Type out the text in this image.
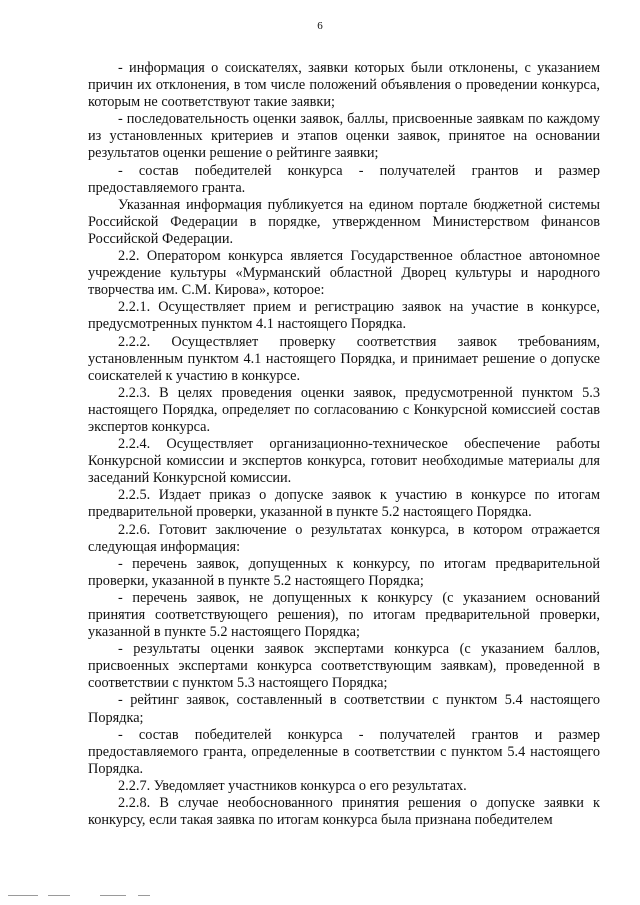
6

- информация о соискателях, заявки которых были отклонены, с указанием причин их отклонения, в том числе положений объявления о проведении конкурса, которым не соответствуют такие заявки;

- последовательность оценки заявок, баллы, присвоенные заявкам по каждому из установленных критериев и этапов оценки заявок, принятое на основании результатов оценки решение о рейтинге заявки;

- состав победителей конкурса - получателей грантов и размер предоставляемого гранта.

Указанная информация публикуется на едином портале бюджетной системы Российской Федерации в порядке, утвержденном Министерством финансов Российской Федерации.

2.2. Оператором конкурса является Государственное областное автономное учреждение культуры «Мурманский областной Дворец культуры и народного творчества им. С.М. Кирова», которое:

2.2.1. Осуществляет прием и регистрацию заявок на участие в конкурсе, предусмотренных пунктом 4.1 настоящего Порядка.

2.2.2. Осуществляет проверку соответствия заявок требованиям, установленным пунктом 4.1 настоящего Порядка, и принимает решение о допуске соискателей к участию в конкурсе.

2.2.3. В целях проведения оценки заявок, предусмотренной пунктом 5.3 настоящего Порядка, определяет по согласованию с Конкурсной комиссией состав экспертов конкурса.

2.2.4. Осуществляет организационно-техническое обеспечение работы Конкурсной комиссии и экспертов конкурса, готовит необходимые материалы для заседаний Конкурсной комиссии.

2.2.5. Издает приказ о допуске заявок к участию в конкурсе по итогам предварительной проверки, указанной в пункте 5.2 настоящего Порядка.

2.2.6. Готовит заключение о результатах конкурса, в котором отражается следующая информация:

- перечень заявок, допущенных к конкурсу, по итогам предварительной проверки, указанной в пункте 5.2 настоящего Порядка;

- перечень заявок, не допущенных к конкурсу (с указанием оснований принятия соответствующего решения), по итогам предварительной проверки, указанной в пункте 5.2 настоящего Порядка;

- результаты оценки заявок экспертами конкурса (с указанием баллов, присвоенных экспертами конкурса соответствующим заявкам), проведенной в соответствии с пунктом 5.3 настоящего Порядка;

- рейтинг заявок, составленный в соответствии с пунктом 5.4 настоящего Порядка;

- состав победителей конкурса - получателей грантов и размер предоставляемого гранта, определенные в соответствии с пунктом 5.4 настоящего Порядка.

2.2.7. Уведомляет участников конкурса о его результатах.

2.2.8. В случае необоснованного принятия решения о допуске заявки к конкурсу, если такая заявка по итогам конкурса была признана победителем
